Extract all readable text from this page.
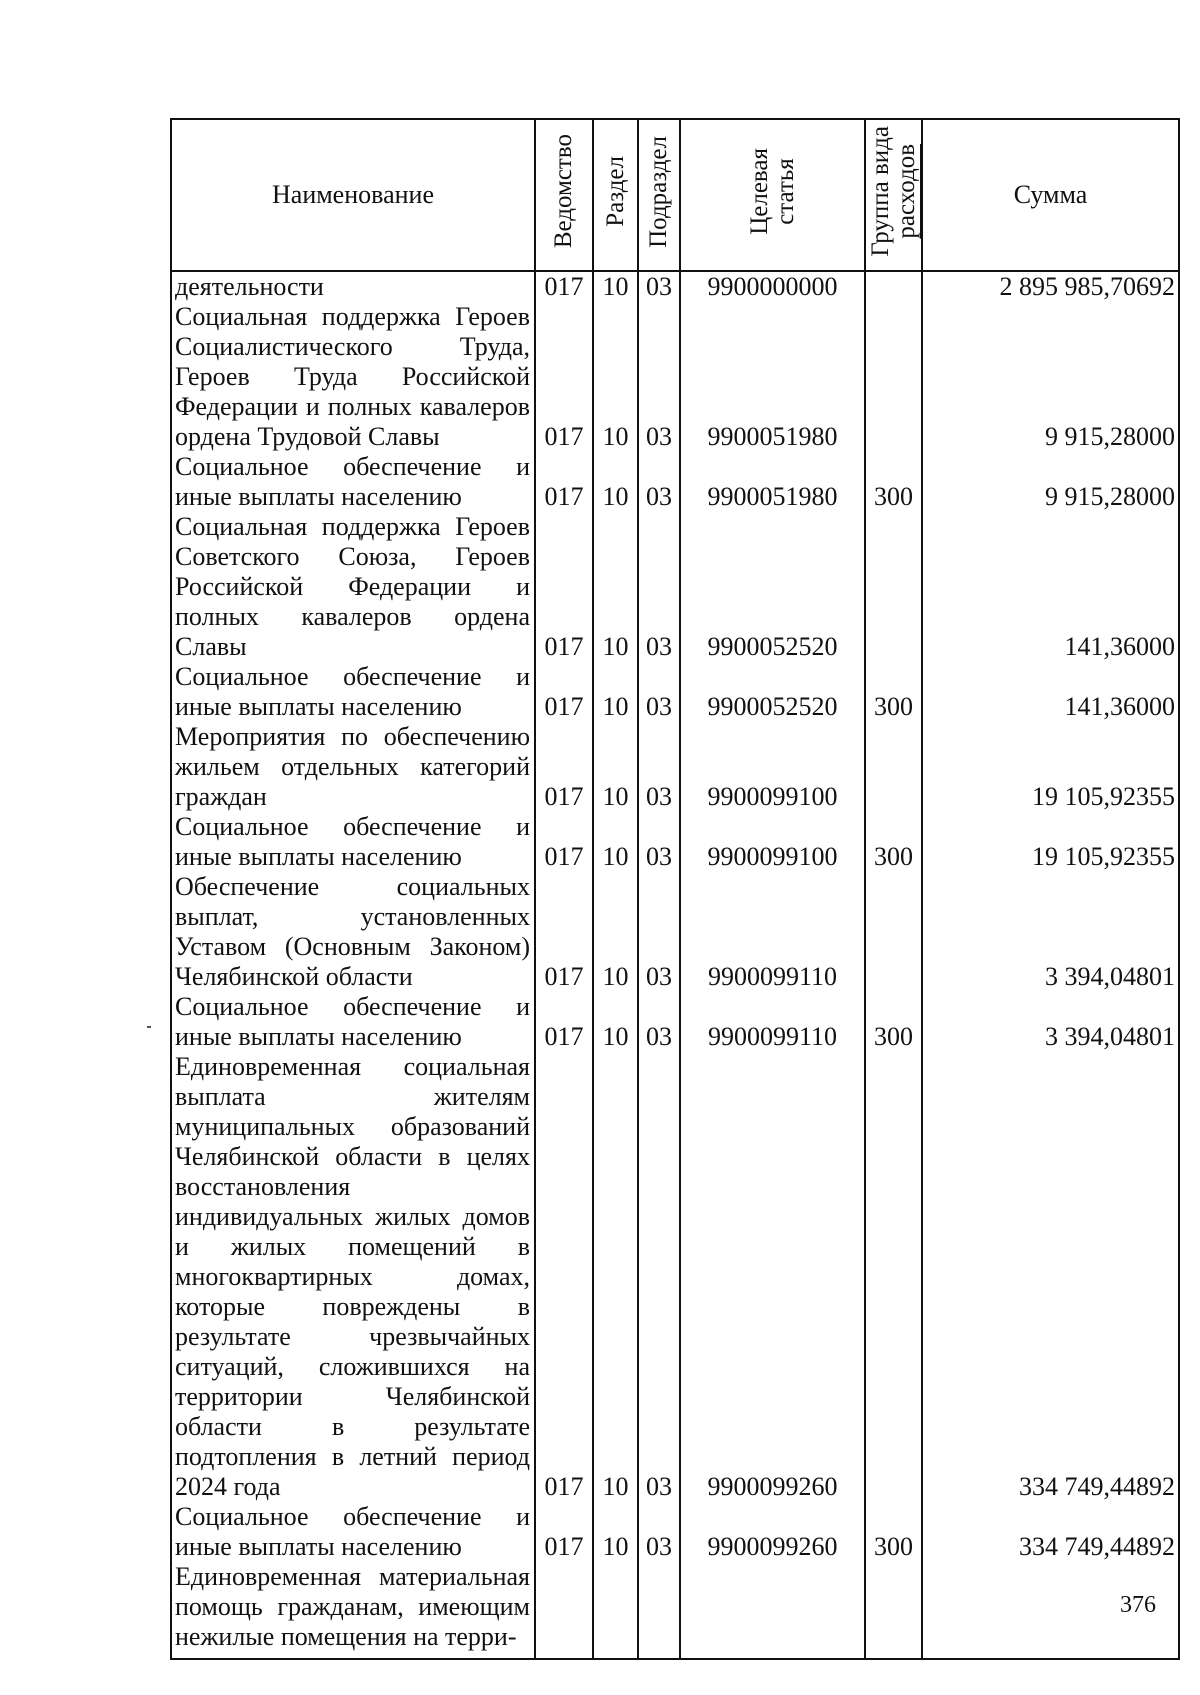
Наименование	Ведомство	Раздел	Подраздел	Целевая статья	Группа вида расходов	Сумма
деятельности	017	10	03	9900000000		2 895 985,70692
Социальная поддержка Героев Социалистического Труда, Героев Труда Российской Федерации и полных кавалеров ордена Трудовой Славы	017	10	03	9900051980		9 915,28000
Социальное обеспечение и иные выплаты населению	017	10	03	9900051980	300	9 915,28000
Социальная поддержка Героев Советского Союза, Героев Российской Федерации и полных кавалеров ордена Славы	017	10	03	9900052520		141,36000
Социальное обеспечение и иные выплаты населению	017	10	03	9900052520	300	141,36000
Мероприятия по обеспечению жильем отдельных категорий граждан	017	10	03	9900099100		19 105,92355
Социальное обеспечение и иные выплаты населению	017	10	03	9900099100	300	19 105,92355
Обеспечение социальных выплат, установленных Уставом (Основным Законом) Челябинской области	017	10	03	9900099110		3 394,04801
Социальное обеспечение и иные выплаты населению	017	10	03	9900099110	300	3 394,04801
Единовременная социальная выплата жителям муниципальных образований Челябинской области в целях восстановления индивидуальных жилых домов и жилых помещений в многоквартирных домах, которые повреждены в результате чрезвычайных ситуаций, сложившихся на территории Челябинской области в результате подтопления в летний период 2024 года	017	10	03	9900099260		334 749,44892
Социальное обеспечение и иные выплаты населению	017	10	03	9900099260	300	334 749,44892
Единовременная материальная помощь гражданам, имеющим нежилые помещения на терри-						

376
